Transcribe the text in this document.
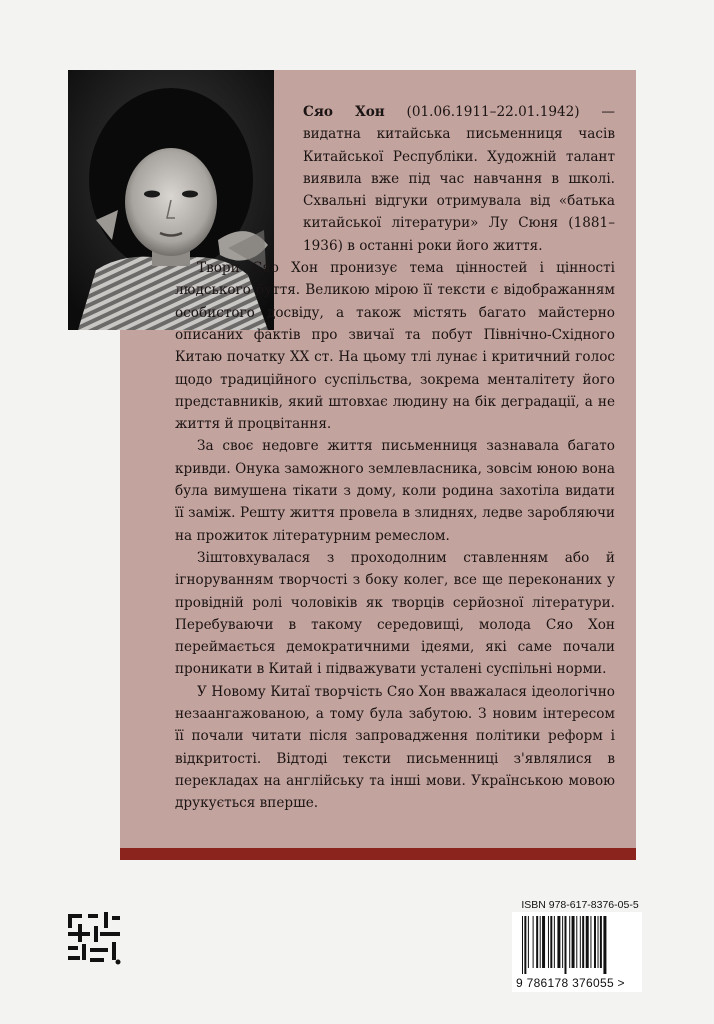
Сяо Хон (01.06.1911–22.01.1942) — видатна китайська письменниця часів Китайської Республіки. Художній талант виявила вже під час навчання в школі. Схвальні відгуки отримувала від «батька китайської літератури» Лу Сюня (1881–1936) в останні роки його життя.

Твори Сяо Хон пронизує тема цінностей і цінності людського буття. Великою мірою її тексти є відображанням особистого досвіду, а також містять багато майстерно описаних фактів про звичаї та побут Північно-Східного Китаю початку XX ст. На цьому тлі лунає і критичний голос щодо традиційного суспільства, зокрема менталітету його представників, який штовхає людину на бік деградації, а не життя й процвітання.

За своє недовге життя письменниця зазнавала багато кривди. Онука заможного землевласника, зовсім юною вона була вимушена тікати з дому, коли родина захотіла видати її заміж. Решту життя провела в злиднях, ледве заробляючи на прожиток літературним ремеслом.

Зіштовхувалася з проходолним ставленням або й ігноруванням творчості з боку колег, все ще переконаних у провідній ролі чоловіків як творців серйозної літератури. Перебуваючи в такому середовищі, молода Сяо Хон переймається демократичними ідеями, які саме почали проникати в Китай і підважувати усталені суспільні норми.

У Новому Китаї творчість Сяо Хон вважалася ідеологічно незаангажованою, а тому була забутою. З новим інтересом її почали читати після запровадження політики реформ і відкритості. Відтоді тексти письменниці з'являлися в перекладах на англійську та інші мови. Українською мовою друкується вперше.

ISBN 978-617-8376-05-5
9 786178 376055 >
